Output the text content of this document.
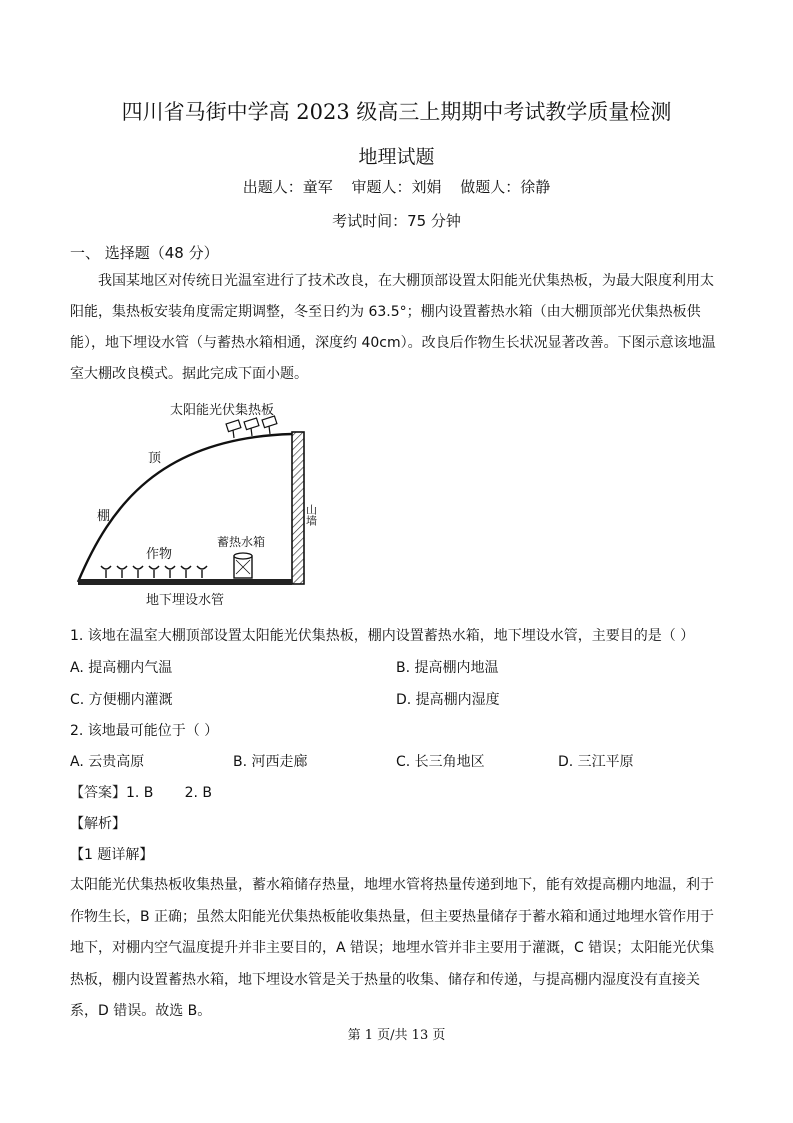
四川省马街中学高 2023 级高三上期期中考试教学质量检测
地理试题
出题人：童军 审题人：刘娟 做题人：徐静
考试时间：75 分钟
一、 选择题（48 分）
我国某地区对传统日光温室进行了技术改良，在大棚顶部设置太阳能光伏集热板，为最大限度利用太阳能，集热板安装角度需定期调整，冬至日约为 63.5°；棚内设置蓄热水箱（由大棚顶部光伏集热板供能），地下埋设水管（与蓄热水箱相通，深度约 40cm）。改良后作物生长状况显著改善。下图示意该地温室大棚改良模式。据此完成下面小题。
太阳能光伏集热板
顶
棚
作物
蓄热水箱
山墙
地下埋设水管
1. 该地在温室大棚顶部设置太阳能光伏集热板，棚内设置蓄热水箱，地下埋设水管，主要目的是（ ）
A. 提高棚内气温	B. 提高棚内地温
C. 方便棚内灌溉	D. 提高棚内湿度
2. 该地最可能位于（ ）
A. 云贵高原	B. 河西走廊	C. 长三角地区	D. 三江平原
【答案】1. B       2. B
【解析】
【1 题详解】
太阳能光伏集热板收集热量，蓄水箱储存热量，地埋水管将热量传递到地下，能有效提高棚内地温，利于作物生长，B 正确；虽然太阳能光伏集热板能收集热量，但主要热量储存于蓄水箱和通过地埋水管作用于地下，对棚内空气温度提升并非主要目的，A 错误；地埋水管并非主要用于灌溉，C 错误；太阳能光伏集热板，棚内设置蓄热水箱，地下埋设水管是关于热量的收集、储存和传递，与提高棚内湿度没有直接关系，D 错误。故选 B。
第 1 页/共 13 页
